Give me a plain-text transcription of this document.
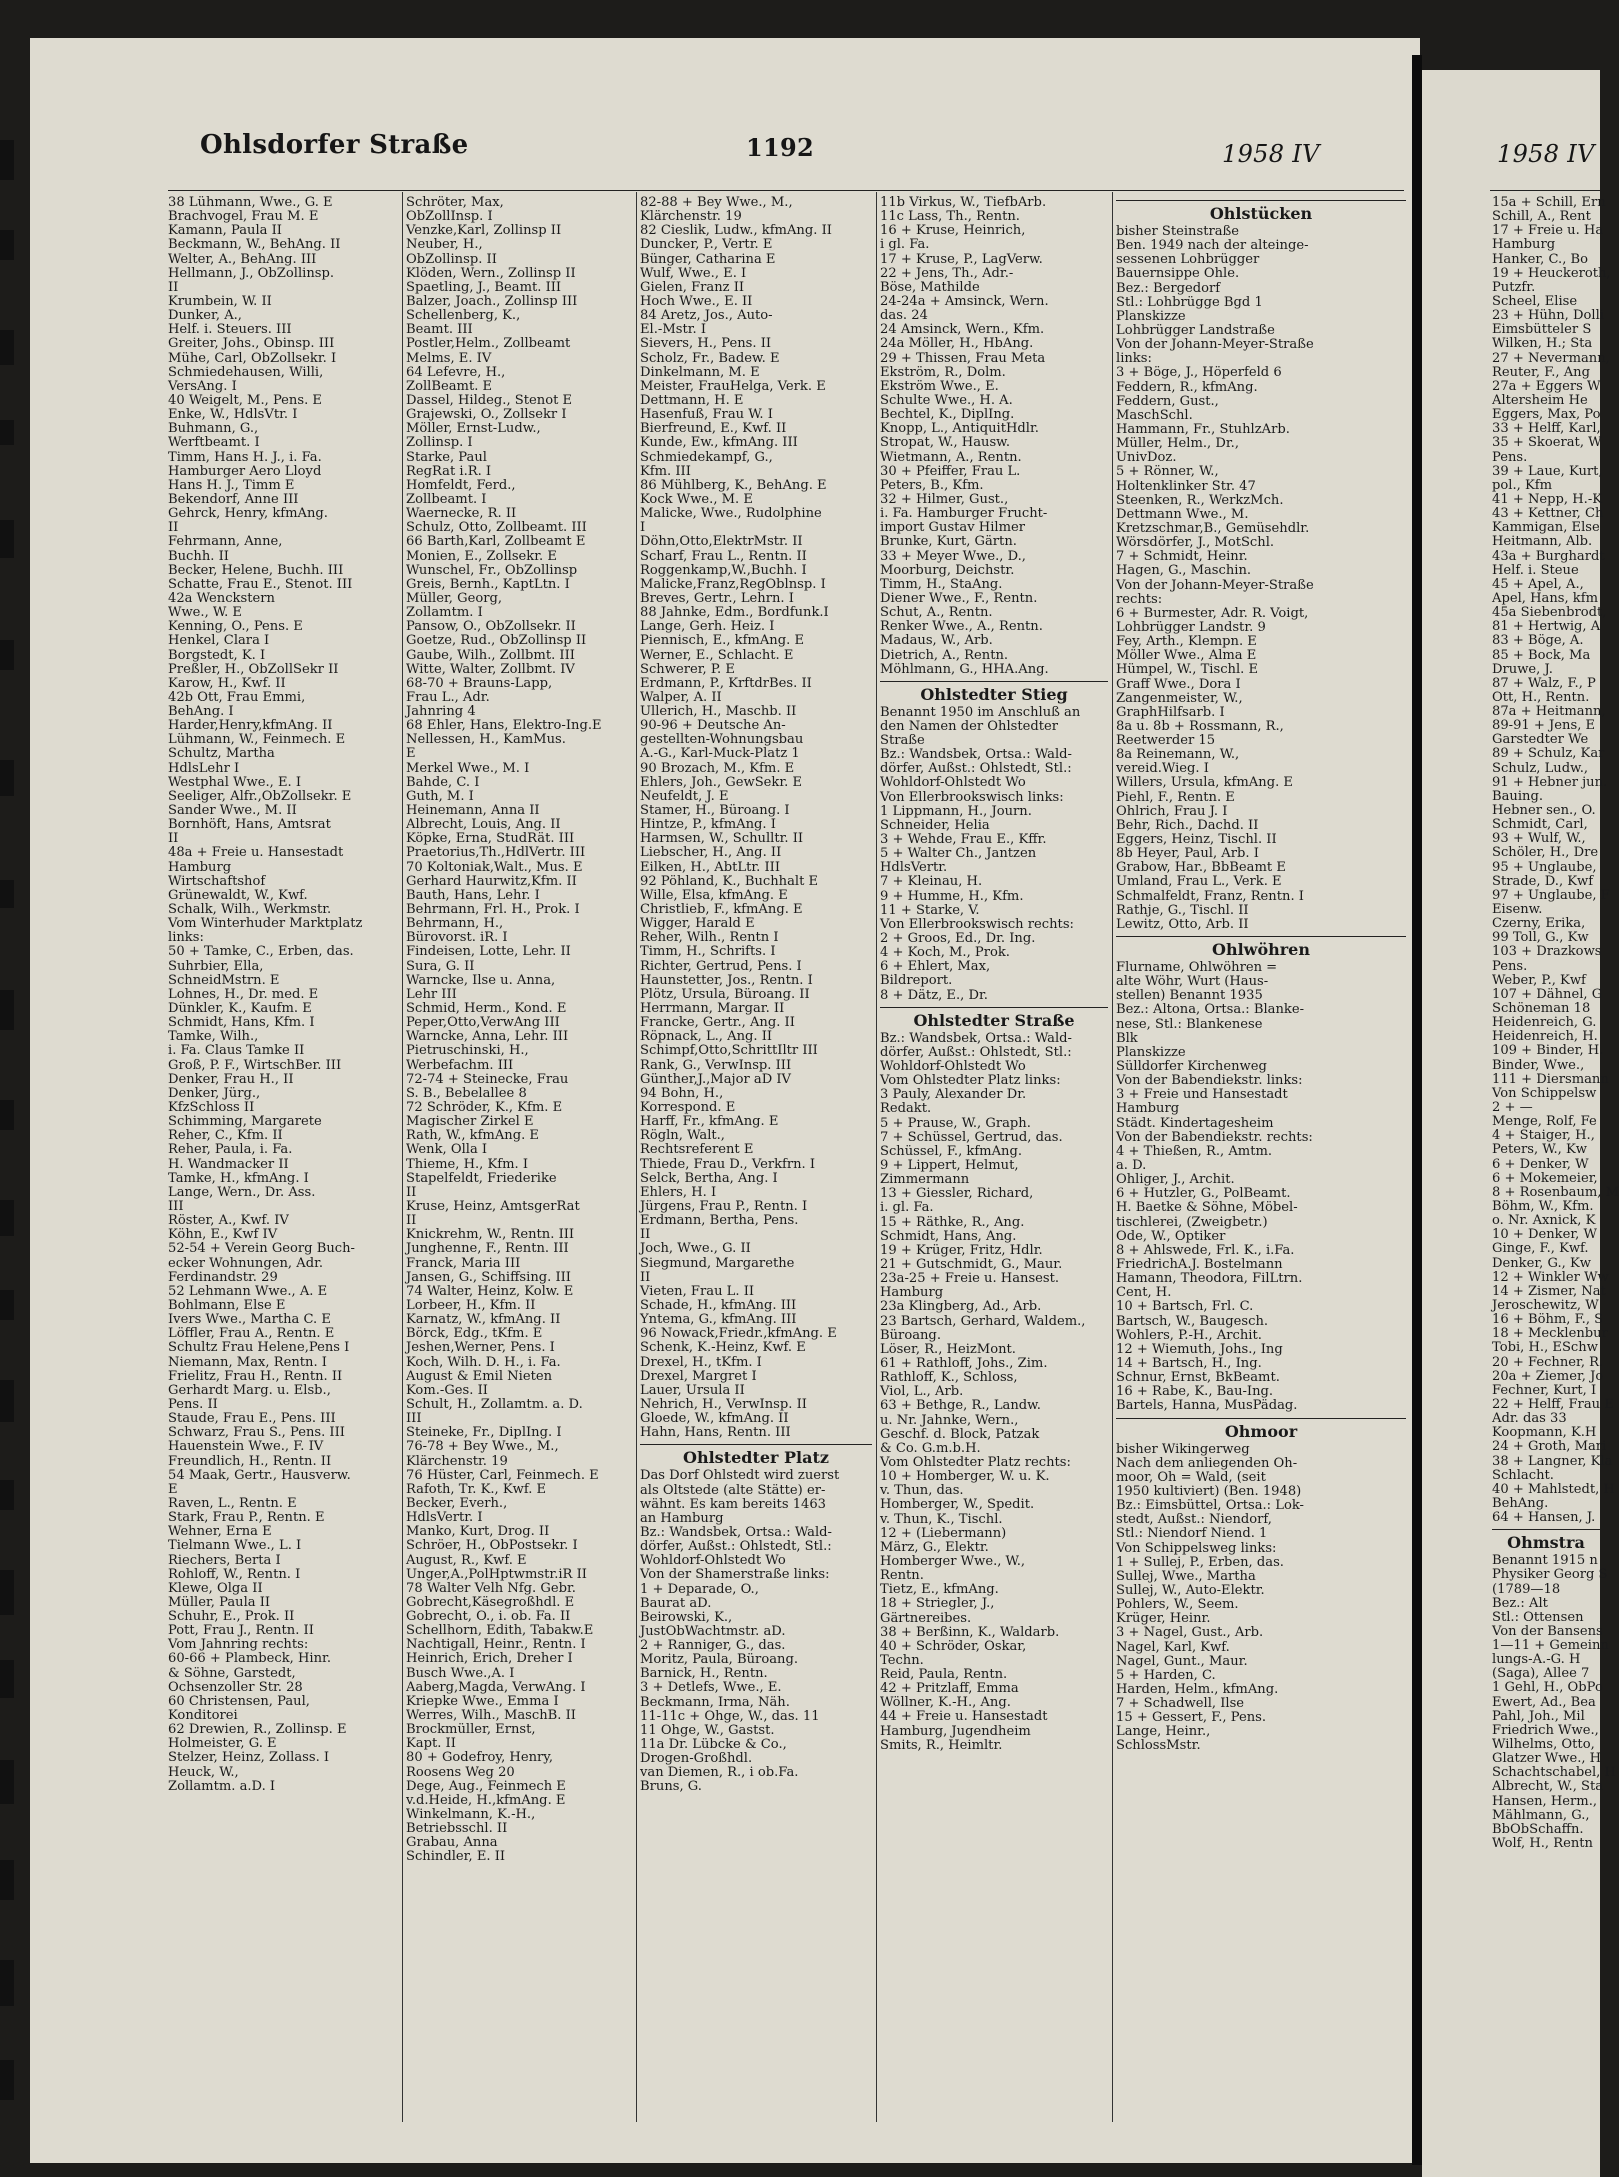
Ohlsdorfer Straße	1192	1958 IV	1958 IV
38 Lühmann, Wwe., G. E
Brachvogel, Frau M. E
Kamann, Paula II
Beckmann, W., BehAng. II
Welter, A., BehAng. III
Hellmann, J., ObZollinsp.
II
Krumbein, W. II
Dunker, A.,
Helf. i. Steuers. III
Greiter, Johs., Obinsp. III
Mühe, Carl, ObZollsekr. I
Schmiedehausen, Willi,
VersAng. I
40 Weigelt, M., Pens. E
Enke, W., HdlsVtr. I
Buhmann, G.,
Werftbeamt. I
Timm, Hans H. J., i. Fa.
Hamburger Aero Lloyd
Hans H. J., Timm E
Bekendorf, Anne III
Gehrck, Henry, kfmAng.
II
Fehrmann, Anne,
Buchh. II
Becker, Helene, Buchh. III
Schatte, Frau E., Stenot. III
42a Wenckstern
Wwe., W. E
Kenning, O., Pens. E
Henkel, Clara I
Borgstedt, K. I
Preßler, H., ObZollSekr II
Karow, H., Kwf. II
42b Ott, Frau Emmi,
BehAng. I
Harder,Henry,kfmAng. II
Lühmann, W., Feinmech. E
Schultz, Martha
HdlsLehr I
Westphal Wwe., E. I
Seeliger, Alfr.,ObZollsekr. E
Sander Wwe., M. II
Bornhöft, Hans, Amtsrat
II
48a + Freie u. Hansestadt
Hamburg
Wirtschaftshof
Grünewaldt, W., Kwf.
Schalk, Wilh., Werkmstr.
Vom Winterhuder Marktplatz
links:
50 + Tamke, C., Erben, das.
Suhrbier, Ella,
SchneidMstrn. E
Lohnes, H., Dr. med. E
Dünkler, K., Kaufm. E
Schmidt, Hans, Kfm. I
Tamke, Wilh.,
i. Fa. Claus Tamke II
Groß, P. F., WirtschBer. III
Denker, Frau H., II
Denker, Jürg.,
KfzSchloss II
Schimming, Margarete
Reher, C., Kfm. II
Reher, Paula, i. Fa.
H. Wandmacker II
Tamke, H., kfmAng. I
Lange, Wern., Dr. Ass.
III
Röster, A., Kwf. IV
Köhn, E., Kwf IV
52-54 + Verein Georg Buch-
ecker Wohnungen, Adr.
Ferdinandstr. 29
52 Lehmann Wwe., A. E
Bohlmann, Else E
Ivers Wwe., Martha C. E
Löffler, Frau A., Rentn. E
Schultz Frau Helene,Pens I
Niemann, Max, Rentn. I
Frielitz, Frau H., Rentn. II
Gerhardt Marg. u. Elsb.,
Pens. II
Staude, Frau E., Pens. III
Schwarz, Frau S., Pens. III
Hauenstein Wwe., F. IV
Freundlich, H., Rentn. II
54 Maak, Gertr., Hausverw.
E
Raven, L., Rentn. E
Stark, Frau P., Rentn. E
Wehner, Erna E
Tielmann Wwe., L. I
Riechers, Berta I
Rohloff, W., Rentn. I
Klewe, Olga II
Müller, Paula II
Schuhr, E., Prok. II
Pott, Frau J., Rentn. II
Vom Jahnring rechts:
60-66 + Plambeck, Hinr.
& Söhne, Garstedt,
Ochsenzoller Str. 28
60 Christensen, Paul,
Konditorei
62 Drewien, R., Zollinsp. E
Holmeister, G. E
Stelzer, Heinz, Zollass. I
Heuck, W.,
Zollamtm. a.D. I
Schröter, Max,
ObZollInsp. I
Venzke,Karl, Zollinsp II
Neuber, H.,
ObZollinsp. II
Klöden, Wern., Zollinsp II
Spaetling, J., Beamt. III
Balzer, Joach., Zollinsp III
Schellenberg, K.,
Beamt. III
Postler,Helm., Zollbeamt
Melms, E. IV
64 Lefevre, H.,
ZollBeamt. E
Dassel, Hildeg., Stenot E
Grajewski, O., Zollsekr I
Möller, Ernst-Ludw.,
Zollinsp. I
Starke, Paul
RegRat i.R. I
Homfeldt, Ferd.,
Zollbeamt. I
Waernecke, R. II
Schulz, Otto, Zollbeamt. III
66 Barth,Karl, Zollbeamt E
Monien, E., Zollsekr. E
Wunschel, Fr., ObZollinsp
Greis, Bernh., KaptLtn. I
Müller, Georg,
Zollamtm. I
Pansow, O., ObZollsekr. II
Goetze, Rud., ObZollinsp II
Gaube, Wilh., Zollbmt. III
Witte, Walter, Zollbmt. IV
68-70 + Brauns-Lapp,
Frau L., Adr.
Jahnring 4
68 Ehler, Hans, Elektro-Ing.E
Nellessen, H., KamMus.
E
Merkel Wwe., M. I
Bahde, C. I
Guth, M. I
Heinemann, Anna II
Albrecht, Louis, Ang. II
Köpke, Erna, StudRät. III
Praetorius,Th.,HdlVertr. III
70 Koltoniak,Walt., Mus. E
Gerhard Haurwitz,Kfm. II
Bauth, Hans, Lehr. I
Behrmann, Frl. H., Prok. I
Behrmann, H.,
Bürovorst. iR. I
Findeisen, Lotte, Lehr. II
Sura, G. II
Warncke, Ilse u. Anna,
Lehr III
Schmid, Herm., Kond. E
Peper,Otto,VerwAng III
Warncke, Anna, Lehr. III
Pietruschinski, H.,
Werbefachm. III
72-74 + Steinecke, Frau
S. B., Bebelallee 8
72 Schröder, K., Kfm. E
Magischer Zirkel E
Rath, W., kfmAng. E
Wenk, Olla I
Thieme, H., Kfm. I
Stapelfeldt, Friederike
II
Kruse, Heinz, AmtsgerRat
II
Knickrehm, W., Rentn. III
Junghenne, F., Rentn. III
Franck, Maria III
Jansen, G., Schiffsing. III
74 Walter, Heinz, Kolw. E
Lorbeer, H., Kfm. II
Karnatz, W., kfmAng. II
Börck, Edg., tKfm. E
Jeshen,Werner, Pens. I
Koch, Wilh. D. H., i. Fa.
August & Emil Nieten
Kom.-Ges. II
Schult, H., Zollamtm. a. D.
III
Steineke, Fr., DiplIng. I
76-78 + Bey Wwe., M.,
Klärchenstr. 19
76 Hüster, Carl, Feinmech. E
Rafoth, Tr. K., Kwf. E
Becker, Everh.,
HdlsVertr. I
Manko, Kurt, Drog. II
Schröer, H., ObPostsekr. I
August, R., Kwf. E
Unger,A.,PolHptwmstr.iR II
78 Walter Velh Nfg. Gebr.
Gobrecht,Käsegroßhdl. E
Gobrecht, O., i. ob. Fa. II
Schellhorn, Edith, Tabakw.E
Nachtigall, Heinr., Rentn. I
Heinrich, Erich, Dreher I
Busch Wwe.,A. I
Aaberg,Magda, VerwAng. I
Kriepke Wwe., Emma I
Werres, Wilh., MaschB. II
Brockmüller, Ernst,
Kapt. II
80 + Godefroy, Henry,
Roosens Weg 20
Dege, Aug., Feinmech E
v.d.Heide, H.,kfmAng. E
Winkelmann, K.-H.,
Betriebsschl. II
Grabau, Anna
Schindler, E. II
82-88 + Bey Wwe., M.,
Klärchenstr. 19
82 Cieslik, Ludw., kfmAng. II
Duncker, P., Vertr. E
Bünger, Catharina E
Wulf, Wwe., E. I
Gielen, Franz II
Hoch Wwe., E. II
84 Aretz, Jos., Auto-
El.-Mstr. I
Sievers, H., Pens. II
Scholz, Fr., Badew. E
Dinkelmann, M. E
Meister, FrauHelga, Verk. E
Dettmann, H. E
Hasenfuß, Frau W. I
Bierfreund, E., Kwf. II
Kunde, Ew., kfmAng. III
Schmiedekampf, G.,
Kfm. III
86 Mühlberg, K., BehAng. E
Kock Wwe., M. E
Malicke, Wwe., Rudolphine
I
Döhn,Otto,ElektrMstr. II
Scharf, Frau L., Rentn. II
Roggenkamp,W.,Buchh. I
Malicke,Franz,RegOblnsp. I
Breves, Gertr., Lehrn. I
88 Jahnke, Edm., Bordfunk.I
Lange, Gerh. Heiz. I
Piennisch, E., kfmAng. E
Werner, E., Schlacht. E
Schwerer, P. E
Erdmann, P., KrftdrBes. II
Walper, A. II
Ullerich, H., Maschb. II
90-96 + Deutsche An-
gestellten-Wohnungsbau
A.-G., Karl-Muck-Platz 1
90 Brozach, M., Kfm. E
Ehlers, Joh., GewSekr. E
Neufeldt, J. E
Stamer, H., Büroang. I
Hintze, P., kfmAng. I
Harmsen, W., Schulltr. II
Liebscher, H., Ang. II
Eilken, H., AbtLtr. III
92 Pöhland, K., Buchhalt E
Wille, Elsa, kfmAng. E
Christlieb, F., kfmAng. E
Wigger, Harald E
Reher, Wilh., Rentn I
Timm, H., Schrifts. I
Richter, Gertrud, Pens. I
Haunstetter, Jos., Rentn. I
Plötz, Ursula, Büroang. II
Herrmann, Margar. II
Francke, Gertr., Ang. II
Röpnack, L., Ang. II
Schimpf,Otto,SchrittIltr III
Rank, G., VerwInsp. III
Günther,J.,Major aD IV
94 Bohn, H.,
Korrespond. E
Harff, Fr., kfmAng. E
Rögln, Walt.,
Rechtsreferent E
Thiede, Frau D., Verkfrn. I
Selck, Bertha, Ang. I
Ehlers, H. I
Jürgens, Frau P., Rentn. I
Erdmann, Bertha, Pens.
II
Joch, Wwe., G. II
Siegmund, Margarethe
II
Vieten, Frau L. II
Schade, H., kfmAng. III
Yntema, G., kfmAng. III
96 Nowack,Friedr.,kfmAng. E
Schenk, K.-Heinz, Kwf. E
Drexel, H., tKfm. I
Drexel, Margret I
Lauer, Ursula II
Nehrich, H., VerwInsp. II
Gloede, W., kfmAng. II
Hahn, Hans, Rentn. III
Ohlstedter Platz
Das Dorf Ohlstedt wird zuerst
als Oltstede (alte Stätte) er-
wähnt. Es kam bereits 1463
an Hamburg
Bz.: Wandsbek, Ortsa.: Wald-
dörfer, Außst.: Ohlstedt, Stl.:
Wohldorf-Ohlstedt Wo
Von der Shamerstraße links:
1 + Deparade, O.,
Baurat aD.
Beirowski, K.,
JustObWachtmstr. aD.
2 + Ranniger, G., das.
Moritz, Paula, Büroang.
Barnick, H., Rentn.
3 + Detlefs, Wwe., E.
Beckmann, Irma, Näh.
11-11c + Ohge, W., das. 11
11 Ohge, W., Gastst.
11a Dr. Lübcke & Co.,
Drogen-Großhdl.
van Diemen, R., i ob.Fa.
Bruns, G.
11b Virkus, W., TiefbArb.
11c Lass, Th., Rentn.
16 + Kruse, Heinrich,
i gl. Fa.
17 + Kruse, P., LagVerw.
22 + Jens, Th., Adr.-
Böse, Mathilde
24-24a + Amsinck, Wern.
das. 24
24 Amsinck, Wern., Kfm.
24a Möller, H., HbAng.
29 + Thissen, Frau Meta
Ekström, R., Dolm.
Ekström Wwe., E.
Schulte Wwe., H. A.
Bechtel, K., DiplIng.
Knopp, L., AntiquitHdlr.
Stropat, W., Hausw.
Wietmann, A., Rentn.
30 + Pfeiffer, Frau L.
Peters, B., Kfm.
32 + Hilmer, Gust.,
i. Fa. Hamburger Frucht-
import Gustav Hilmer
Brunke, Kurt, Gärtn.
33 + Meyer Wwe., D.,
Moorburg, Deichstr.
Timm, H., StaAng.
Diener Wwe., F., Rentn.
Schut, A., Rentn.
Renker Wwe., A., Rentn.
Madaus, W., Arb.
Dietrich, A., Rentn.
Möhlmann, G., HHA.Ang.
Ohlstedter Stieg
Benannt 1950 im Anschluß an
den Namen der Ohlstedter
Straße
Bz.: Wandsbek, Ortsa.: Wald-
dörfer, Außst.: Ohlstedt, Stl.:
Wohldorf-Ohlstedt Wo
Von Ellerbrookswisch links:
1 Lippmann, H., Journ.
Schneider, Helia
3 + Wehde, Frau E., Kffr.
5 + Walter Ch., Jantzen
HdlsVertr.
7 + Kleinau, H.
9 + Humme, H., Kfm.
11 + Starke, V.
Von Ellerbrookswisch rechts:
2 + Groos, Ed., Dr. Ing.
4 + Koch, M., Prok.
6 + Ehlert, Max,
Bildreport.
8 + Dätz, E., Dr.
Ohlstedter Straße
Bz.: Wandsbek, Ortsa.: Wald-
dörfer, Außst.: Ohlstedt, Stl.:
Wohldorf-Ohlstedt Wo
Vom Ohlstedter Platz links:
3 Pauly, Alexander Dr.
Redakt.
5 + Prause, W., Graph.
7 + Schüssel, Gertrud, das.
Schüssel, F., kfmAng.
9 + Lippert, Helmut,
Zimmermann
13 + Giessler, Richard,
i. gl. Fa.
15 + Räthke, R., Ang.
Schmidt, Hans, Ang.
19 + Krüger, Fritz, Hdlr.
21 + Gutschmidt, G., Maur.
23a-25 + Freie u. Hansest.
Hamburg
23a Klingberg, Ad., Arb.
23 Bartsch, Gerhard, Waldem.,
Büroang.
Löser, R., HeizMont.
61 + Rathloff, Johs., Zim.
Rathloff, K., Schloss,
Viol, L., Arb.
63 + Bethge, R., Landw.
u. Nr. Jahnke, Wern.,
Geschf. d. Block, Patzak
& Co. G.m.b.H.
Vom Ohlstedter Platz rechts:
10 + Homberger, W. u. K.
v. Thun, das.
Homberger, W., Spedit.
v. Thun, K., Tischl.
12 + (Liebermann)
März, G., Elektr.
Homberger Wwe., W.,
Rentn.
Tietz, E., kfmAng.
18 + Striegler, J.,
Gärtnereibes.
38 + Berßinn, K., Waldarb.
40 + Schröder, Oskar,
Techn.
Reid, Paula, Rentn.
42 + Pritzlaff, Emma
Wöllner, K.-H., Ang.
44 + Freie u. Hansestadt
Hamburg, Jugendheim
Smits, R., Heimltr.
Ohlstücken
bisher Steinstraße
Ben. 1949 nach der alteinge-
sessenen Lohbrügger
Bauernsippe Ohle.
Bez.: Bergedorf
Stl.: Lohbrügge Bgd 1
Planskizze
Lohbrügger Landstraße
Von der Johann-Meyer-Straße
links:
3 + Böge, J., Höperfeld 6
Feddern, R., kfmAng.
Feddern, Gust.,
MaschSchl.
Hammann, Fr., StuhlzArb.
Müller, Helm., Dr.,
UnivDoz.
5 + Rönner, W.,
Holtenklinker Str. 47
Steenken, R., WerkzMch.
Dettmann Wwe., M.
Kretzschmar,B., Gemüsehdlr.
Wörsdörfer, J., MotSchl.
7 + Schmidt, Heinr.
Hagen, G., Maschin.
Von der Johann-Meyer-Straße
rechts:
6 + Burmester, Adr. R. Voigt,
Lohbrügger Landstr. 9
Fey, Arth., Klempn. E
Möller Wwe., Alma E
Hümpel, W., Tischl. E
Graff Wwe., Dora I
Zangenmeister, W.,
GraphHilfsarb. I
8a u. 8b + Rossmann, R.,
Reetwerder 15
8a Reinemann, W.,
vereid.Wieg. I
Willers, Ursula, kfmAng. E
Piehl, F., Rentn. E
Ohlrich, Frau J. I
Behr, Rich., Dachd. II
Eggers, Heinz, Tischl. II
8b Heyer, Paul, Arb. I
Grabow, Har., BbBeamt E
Umland, Frau L., Verk. E
Schmalfeldt, Franz, Rentn. I
Rathje, G., Tischl. II
Lewitz, Otto, Arb. II
Ohlwöhren
Flurname, Ohlwöhren =
alte Wöhr, Wurt (Haus-
stellen) Benannt 1935
Bez.: Altona, Ortsa.: Blanke-
nese, Stl.: Blankenese
Blk
Planskizze
Sülldorfer Kirchenweg
Von der Babendiekstr. links:
3 + Freie und Hansestadt
Hamburg
Städt. Kindertagesheim
Von der Babendiekstr. rechts:
4 + Thießen, R., Amtm.
a. D.
Ohliger, J., Archit.
6 + Hutzler, G., PolBeamt.
H. Baetke & Söhne, Möbel-
tischlerei, (Zweigbetr.)
Ode, W., Optiker
8 + Ahlswede, Frl. K., i.Fa.
FriedrichA.J. Bostelmann
Hamann, Theodora, FilLtrn.
Cent, H.
10 + Bartsch, Frl. C.
Bartsch, W., Baugesch.
Wohlers, P.-H., Archit.
12 + Wiemuth, Johs., Ing
14 + Bartsch, H., Ing.
Schnur, Ernst, BkBeamt.
16 + Rabe, K., Bau-Ing.
Bartels, Hanna, MusPädag.
Ohmoor
bisher Wikingerweg
Nach dem anliegenden Oh-
moor, Oh = Wald, (seit
1950 kultiviert) (Ben. 1948)
Bz.: Eimsbüttel, Ortsa.: Lok-
stedt, Außst.: Niendorf,
Stl.: Niendorf Niend. 1
Von Schippelsweg links:
1 + Sullej, P., Erben, das.
Sullej, Wwe., Martha
Sullej, W., Auto-Elektr.
Pohlers, W., Seem.
Krüger, Heinr.
3 + Nagel, Gust., Arb.
Nagel, Karl, Kwf.
Nagel, Gunt., Maur.
5 + Harden, C.
Harden, Helm., kfmAng.
7 + Schadwell, Ilse
15 + Gessert, F., Pens.
Lange, Heinr.,
SchlossMstr.
15a + Schill, Ern
Schill, A., Rent
17 + Freie u. Ha
Hamburg
Hanker, C., Bo
19 + Heuckeroth,
Putzfr.
Scheel, Elise
23 + Hühn, Dolli
Eimsbütteler S
Wilken, H.; Sta
27 + Nevermann,
Reuter, F., Ang
27a + Eggers W
Altersheim He
Eggers, Max, Po
33 + Helff, Karl,
35 + Skoerat, W
Pens.
39 + Laue, Kurt,
pol., Kfm
41 + Nepp, H.-K
43 + Kettner, Ch
Kammigan, Else
Heitmann, Alb.
43a + Burghardt
Helf. i. Steue
45 + Apel, A.,
Apel, Hans, kfm
45a Siebenbrodt,
81 + Hertwig, A
83 + Böge, A.
85 + Bock, Ma
Druwe, J.
87 + Walz, F., P
Ott, H., Rentn.
87a + Heitmann,
89-91 + Jens, E
Garstedter We
89 + Schulz, Kar
Schulz, Ludw.,
91 + Hebner jun.
Bauing.
Hebner sen., O.
Schmidt, Carl,
93 + Wulf, W.,
Schöler, H., Dre
95 + Unglaube,
Strade, D., Kwf
97 + Unglaube, F
Eisenw.
Czerny, Erika,
99 Toll, G., Kw
103 + Drazkows
Pens.
Weber, P., Kwf
107 + Dähnel, G
Schöneman 18
Heidenreich, G.
Heidenreich, H.
109 + Binder, H.
Binder, Wwe.,
111 + Diersmann
Von Schippelsw
2 + —
Menge, Rolf, Fe
4 + Staiger, H.,
Peters, W., Kw
6 + Denker, W
6 + Mokemeier,
8 + Rosenbaum, M
Böhm, W., Kfm.
o. Nr. Axnick, K
10 + Denker, W
Ginge, F., Kwf.
Denker, G., Kw
12 + Winkler Ww
14 + Zismer, Nat
Jeroschewitz, W
16 + Böhm, F., S
18 + Mecklenbur
Tobi, H., ESchw
20 + Fechner, R.
20a + Ziemer, Jo
Fechner, Kurt, I
22 + Helff, Frau E
Adr. das 33
Koopmann, K.H
24 + Groth, Mari
38 + Langner, Kla
Schlacht.
40 + Mahlstedt, H
BehAng.
64 + Hansen, J.
Ohmstra
Benannt 1915 n
Physiker Georg S
(1789—18
Bez.: Alt
Stl.: Ottensen
Von der Bansens
1—11 + Gemeinn
lungs-A.-G. H
(Saga), Allee 7
1 Gehl, H., ObPo
Ewert, Ad., Bea
Pahl, Joh., Mil
Friedrich Wwe.,
Wilhelms, Otto,
Glatzer Wwe., H
Schachtschabel, H
Albrecht, W., Sta
Hansen, Herm.,
Mählmann, G.,
BbObSchaffn.
Wolf, H., Rentn
